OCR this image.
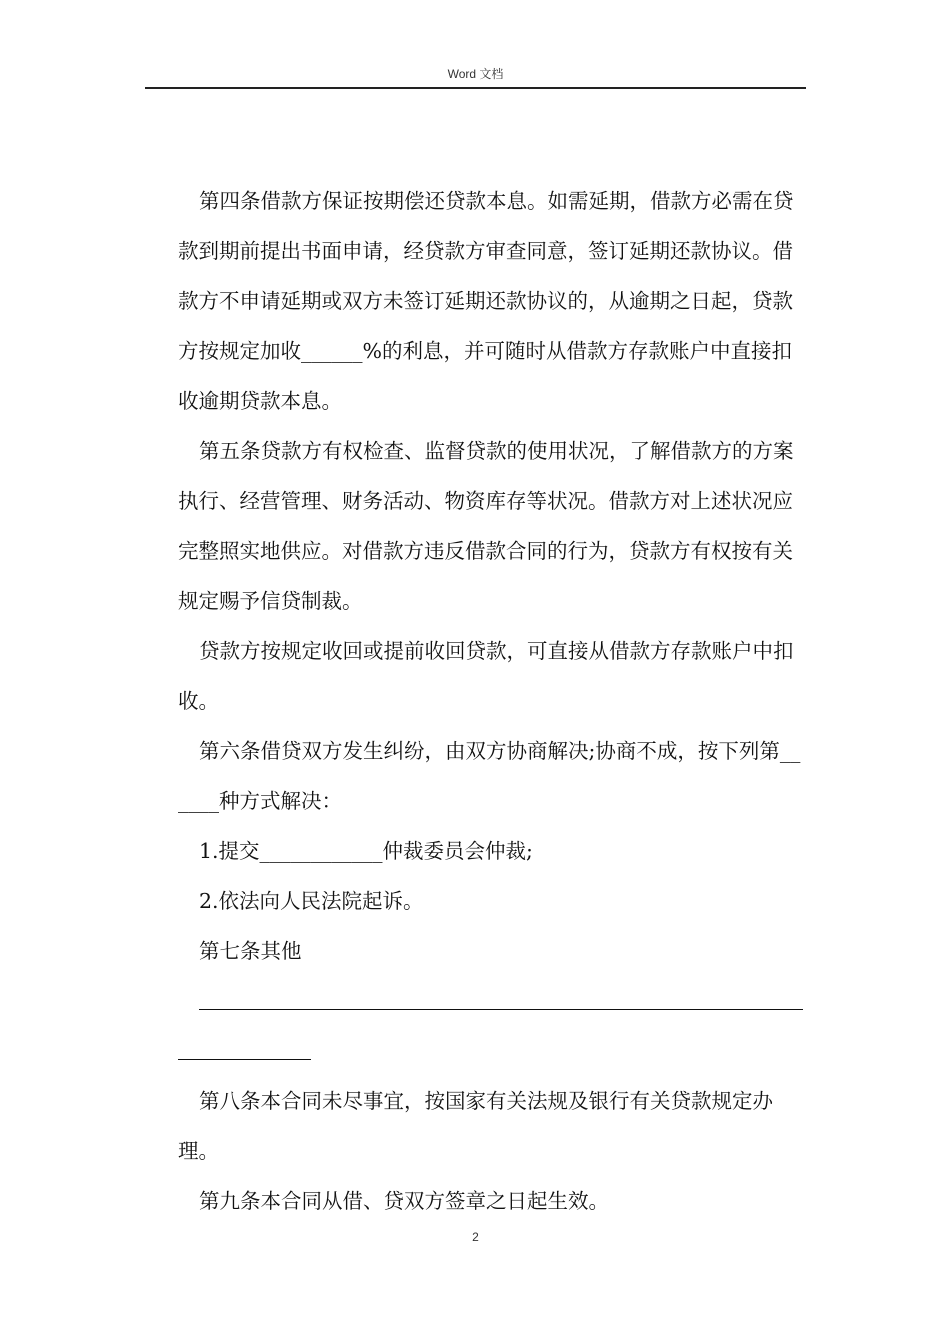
Word 文档

第四条借款方保证按期偿还贷款本息。如需延期，借款方必需在贷款到期前提出书面申请，经贷款方审查同意，签订延期还款协议。借款方不申请延期或双方未签订延期还款协议的，从逾期之日起，贷款方按规定加收______%的利息，并可随时从借款方存款账户中直接扣收逾期贷款本息。

第五条贷款方有权检查、监督贷款的使用状况，了解借款方的方案执行、经营管理、财务活动、物资库存等状况。借款方对上述状况应完整照实地供应。对借款方违反借款合同的行为，贷款方有权按有关规定赐予信贷制裁。

贷款方按规定收回或提前收回贷款，可直接从借款方存款账户中扣收。

第六条借贷双方发生纠纷，由双方协商解决;协商不成，按下列第______种方式解决：

1.提交____________仲裁委员会仲裁;

2.依法向人民法院起诉。

第七条其他

第八条本合同未尽事宜，按国家有关法规及银行有关贷款规定办理。

第九条本合同从借、贷双方签章之日起生效。

2
